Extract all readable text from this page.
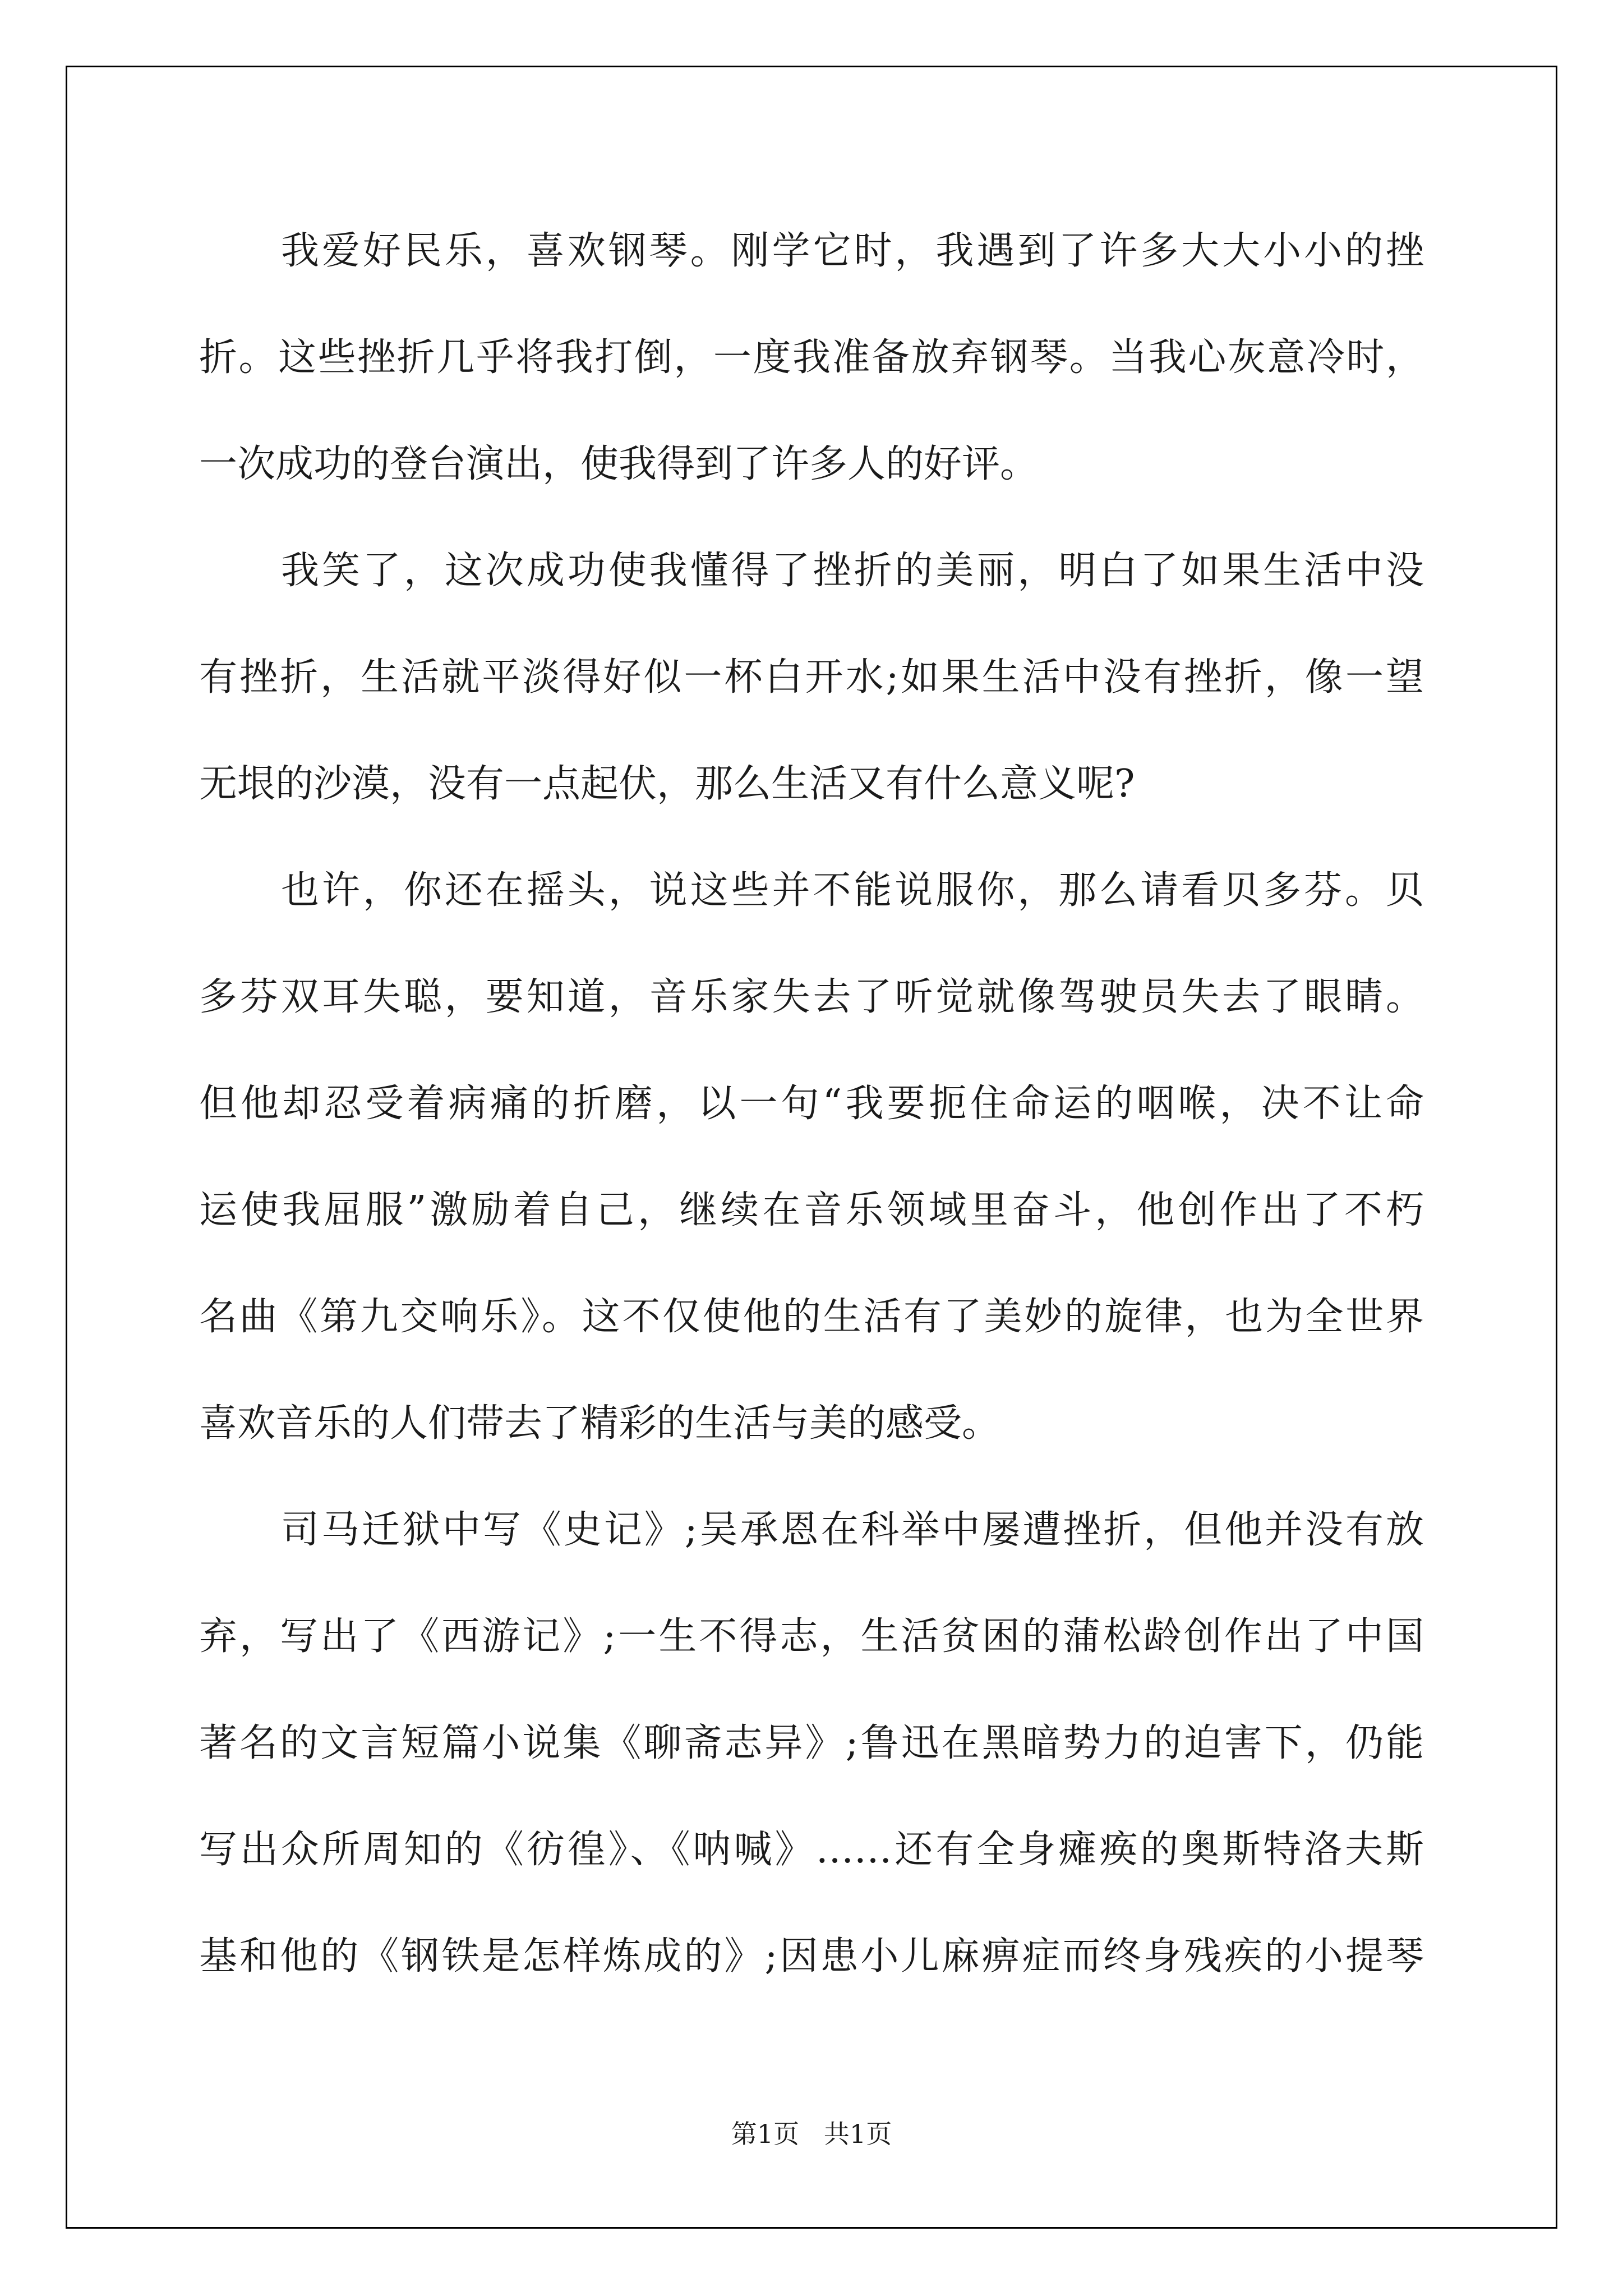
我爱好民乐，喜欢钢琴。刚学它时，我遇到了许多大大小小的挫
折。这些挫折几乎将我打倒，一度我准备放弃钢琴。当我心灰意冷时，
一次成功的登台演出，使我得到了许多人的好评。
我笑了，这次成功使我懂得了挫折的美丽，明白了如果生活中没
有挫折，生活就平淡得好似一杯白开水;如果生活中没有挫折，像一望
无垠的沙漠，没有一点起伏，那么生活又有什么意义呢?
也许，你还在摇头，说这些并不能说服你，那么请看贝多芬。贝
多芬双耳失聪，要知道，音乐家失去了听觉就像驾驶员失去了眼睛。
但他却忍受着病痛的折磨，以一句“我要扼住命运的咽喉，决不让命
运使我屈服”激励着自己，继续在音乐领域里奋斗，他创作出了不朽
名曲《第九交响乐》。这不仅使他的生活有了美妙的旋律，也为全世界
喜欢音乐的人们带去了精彩的生活与美的感受。
司马迁狱中写《史记》;吴承恩在科举中屡遭挫折，但他并没有放
弃，写出了《西游记》;一生不得志，生活贫困的蒲松龄创作出了中国
著名的文言短篇小说集《聊斋志异》;鲁迅在黑暗势力的迫害下，仍能
写出众所周知的《彷徨》、《呐喊》……还有全身瘫痪的奥斯特洛夫斯
基和他的《钢铁是怎样炼成的》;因患小儿麻痹症而终身残疾的小提琴
第1页   共1页
